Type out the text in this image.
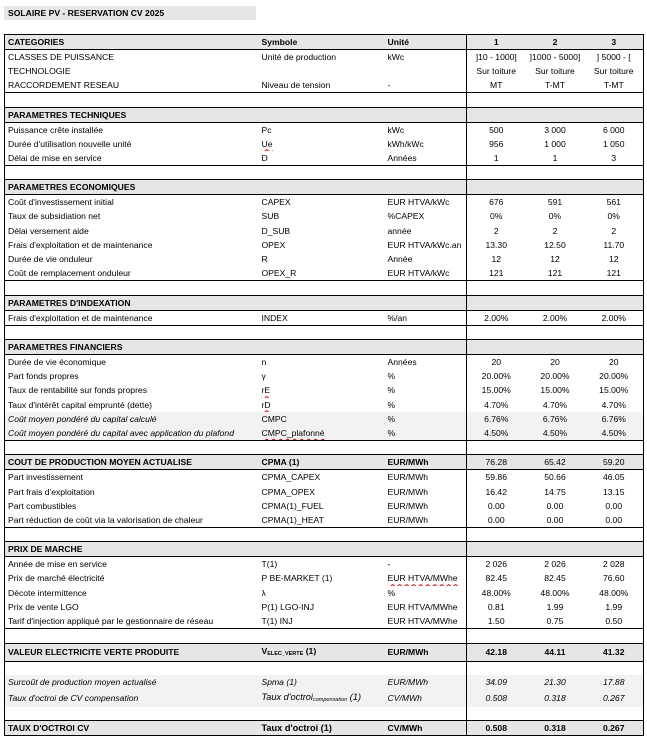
SOLAIRE PV - RESERVATION CV 2025
CATEGORIES	Symbole	Unité	1	2	3
CLASSES DE PUISSANCE	Unité de production	kWc	]10 - 1000]	]1000 - 5000]	] 5000 - [
TECHNOLOGIE			Sur toiture	Sur toiture	Sur toiture
RACCORDEMENT RESEAU	Niveau de tension	-	MT	T-MT	T-MT

PARAMETRES TECHNIQUES					
Puissance crête installée	Pc	kWc	500	3 000	6 000
Durée d'utilisation nouvelle unité	Ue	kWh/kWc	956	1 000	1 050
Délai de mise en service	D	Années	1	1	3

PARAMETRES ECONOMIQUES					
Coût d'investissement initial	CAPEX	EUR HTVA/kWc	676	591	561
Taux de subsidiation net	SUB	%CAPEX	0%	0%	0%
Délai versement aide	D_SUB	année	2	2	2
Frais d'exploitation et de maintenance	OPEX	EUR HTVA/kWc.an	13.30	12.50	11.70
Durée de vie onduleur	R	Année	12	12	12
Coût de remplacement onduleur	OPEX_R	EUR HTVA/kWc	121	121	121

PARAMETRES D'INDEXATION					
Frais d'exploitation et de maintenance	INDEX	%/an	2.00%	2.00%	2.00%

PARAMETRES FINANCIERS					
Durée de vie économique	n	Années	20	20	20
Part fonds propres	γ	%	20.00%	20.00%	20.00%
Taux de rentabilité sur fonds propres	rE	%	15.00%	15.00%	15.00%
Taux d'intérêt capital emprunté (dette)	rD	%	4.70%	4.70%	4.70%
Coût moyen pondéré du capital calculé	CMPC	%	6.76%	6.76%	6.76%
Coût moyen pondéré du capital avec application du plafond	CMPC_plafonné	%	4.50%	4.50%	4.50%

COUT DE PRODUCTION MOYEN ACTUALISE	CPMA (1)	EUR/MWh	76.28	65.42	59.20
Part investissement	CPMA_CAPEX	EUR/MWh	59.86	50.66	46.05
Part frais d'exploitation	CPMA_OPEX	EUR/MWh	16.42	14.75	13.15
Part combustibles	CPMA(1)_FUEL	EUR/MWh	0.00	0.00	0.00
Part réduction de coût via la valorisation de chaleur	CPMA(1)_HEAT	EUR/MWh	0.00	0.00	0.00

PRIX DE MARCHE					
Année de mise en service	T(1)	-	2 026	2 026	2 028
Prix de marché électricité	P BE-MARKET (1)	EUR HTVA/MWhe	82.45	82.45	76.60
Décote intermittence	λ	%	48.00%	48.00%	48.00%
Prix de vente LGO	P(1) LGO-INJ	EUR HTVA/MWhe	0.81	1.99	1.99
Tarif d'injection appliqué par le gestionnaire de réseau	T(1) INJ	EUR HTVA/MWhe	1.50	0.75	0.50

VALEUR ELECTRICITE VERTE PRODUITE	VELEC_VERTE (1)	EUR/MWh	42.18	44.11	41.32

Surcoût de production moyen actualisé	Spma (1)	EUR/MWh	34.09	21.30	17.88
Taux d'octroi de CV compensation	Taux d'octroicompensation (1)	CV/MWh	0.508	0.318	0.267

TAUX D'OCTROI CV	Taux d'octroi (1)	CV/MWh	0.508	0.318	0.267
